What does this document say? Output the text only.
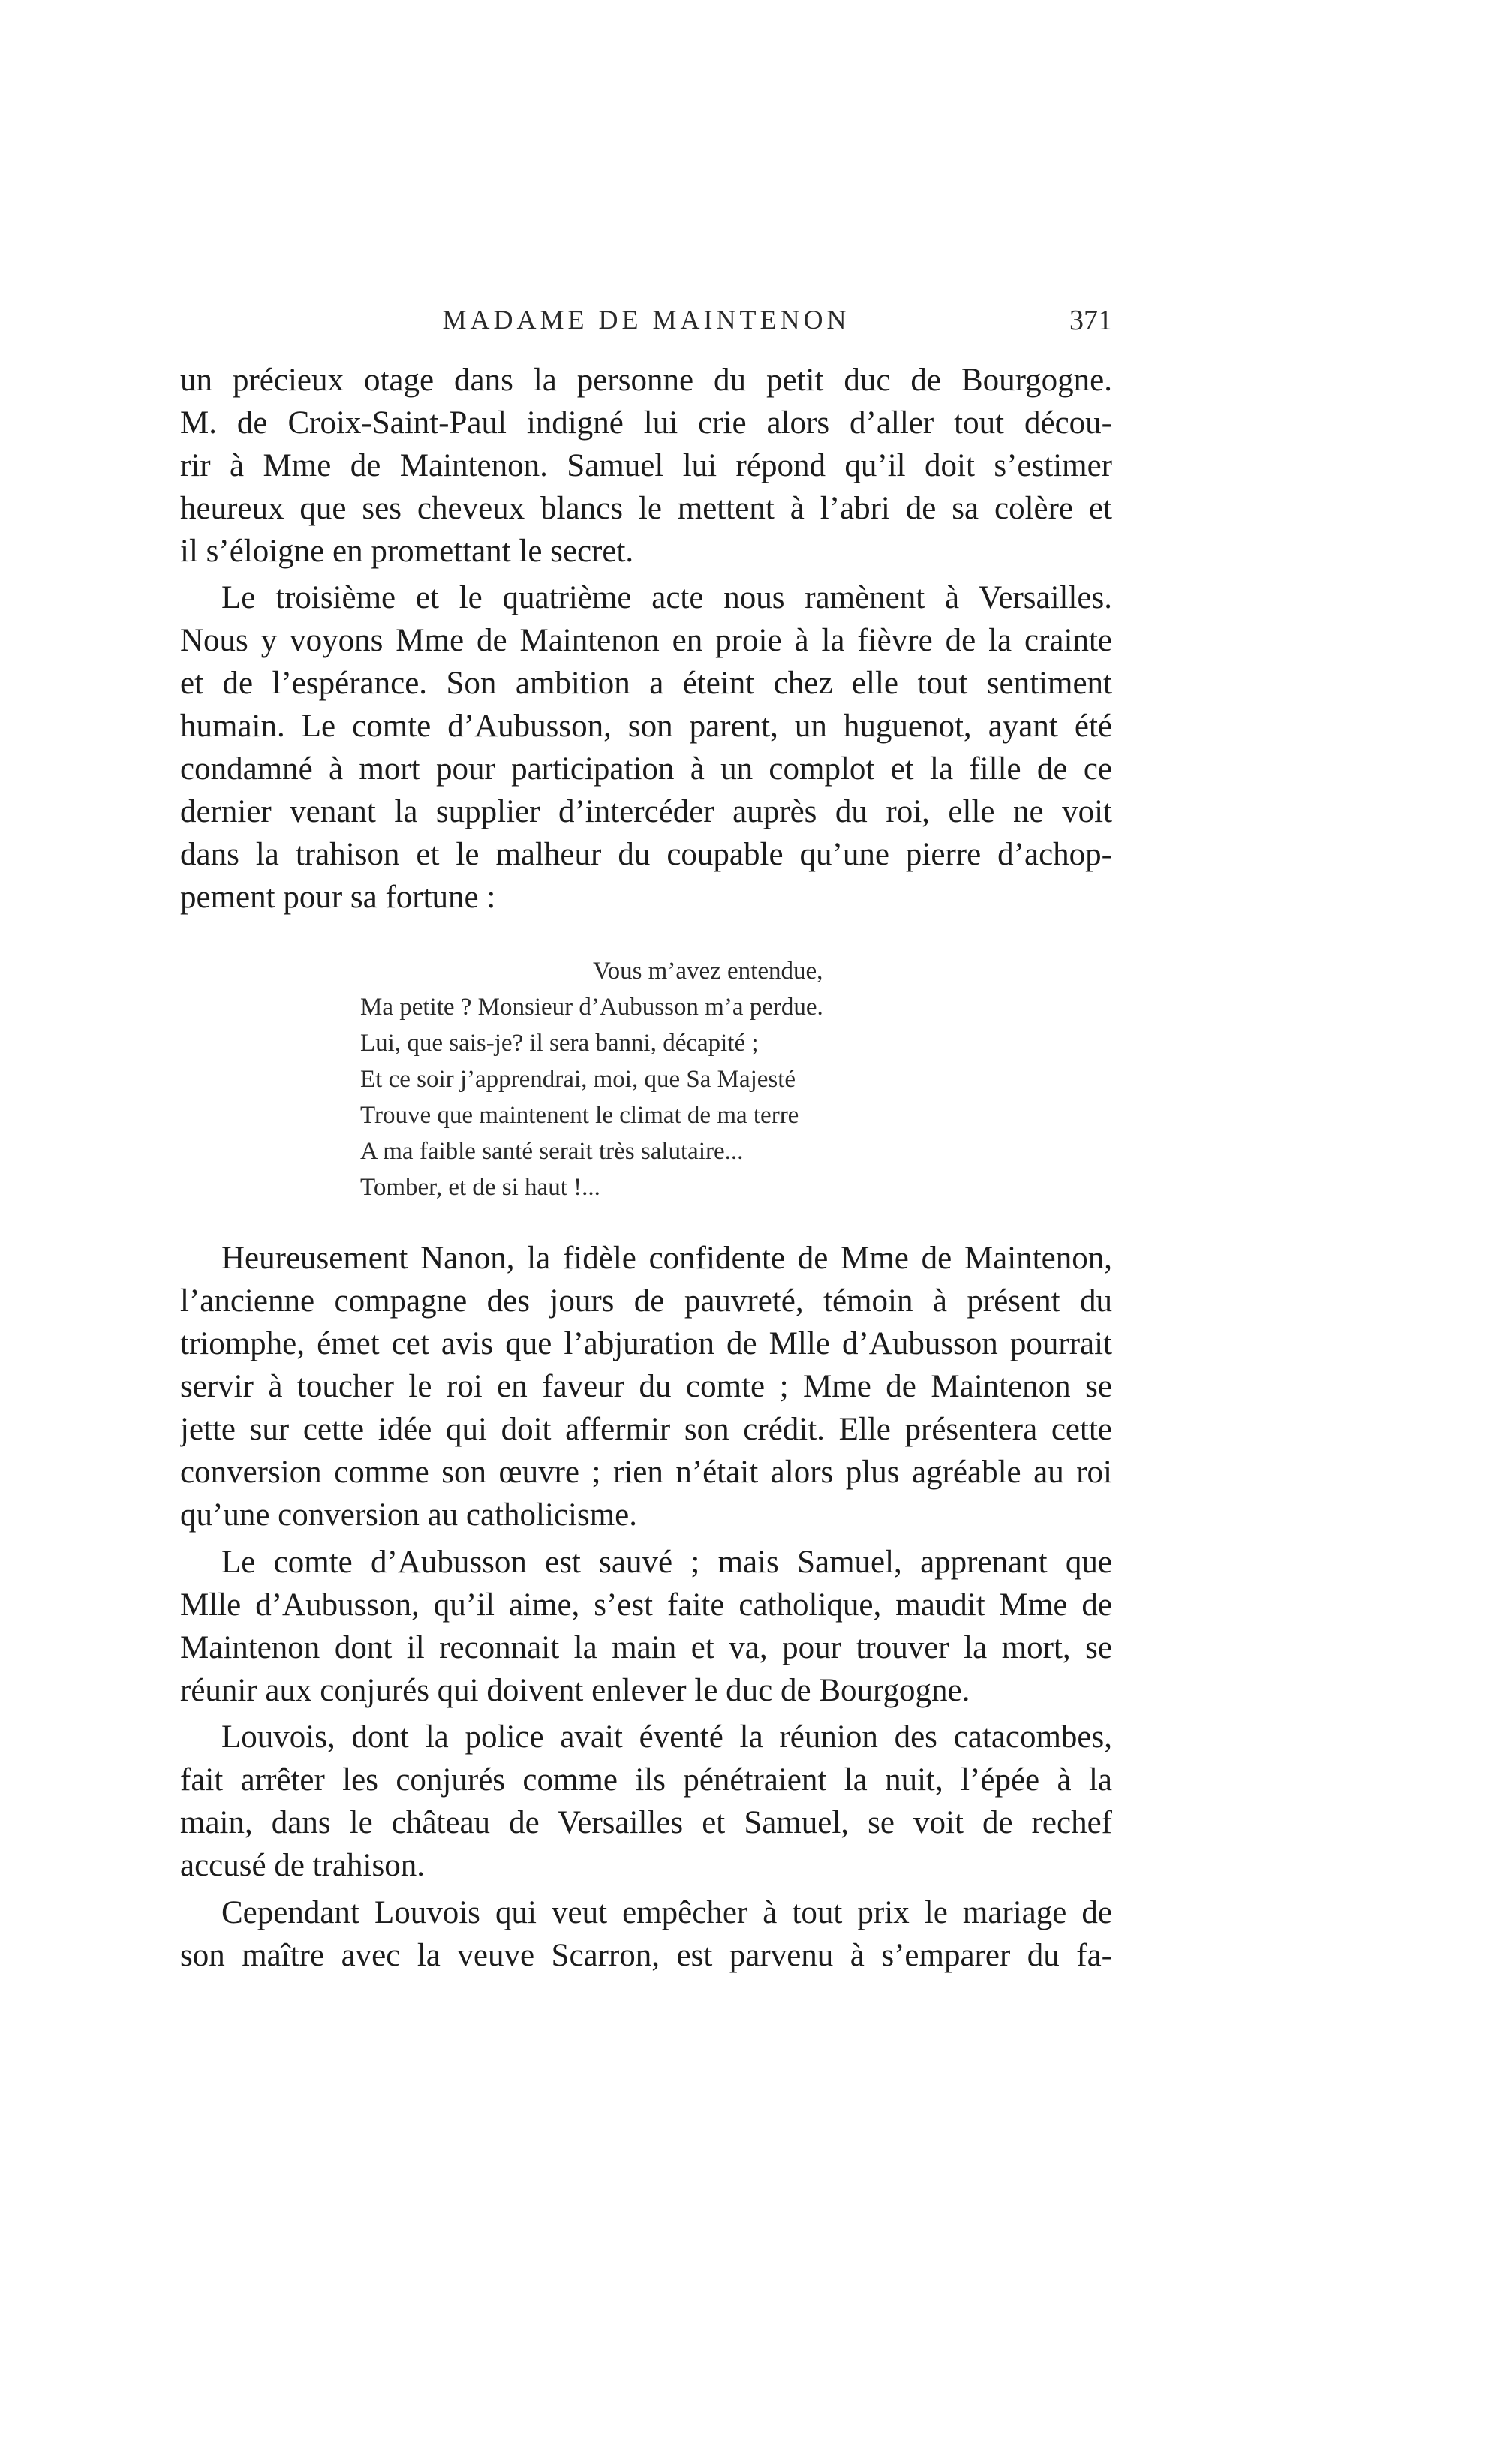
MADAME DE MAINTENON	371
un précieux otage dans la personne du petit duc de Bourgogne.
M. de Croix-Saint-Paul indigné lui crie alors d’aller tout décou-
rir à Mme de Maintenon. Samuel lui répond qu’il doit s’estimer
heureux que ses cheveux blancs le mettent à l’abri de sa colère et
il s’éloigne en promettant le secret.
Le troisième et le quatrième acte nous ramènent à Versailles.
Nous y voyons Mme de Maintenon en proie à la fièvre de la crainte
et de l’espérance. Son ambition a éteint chez elle tout sentiment
humain. Le comte d’Aubusson, son parent, un huguenot, ayant été
condamné à mort pour participation à un complot et la fille de ce
dernier venant la supplier d’intercéder auprès du roi, elle ne voit
dans la trahison et le malheur du coupable qu’une pierre d’achop-
pement pour sa fortune :
Vous m’avez entendue,
Ma petite ? Monsieur d’Aubusson m’a perdue.
Lui, que sais-je? il sera banni, décapité ;
Et ce soir j’apprendrai, moi, que Sa Majesté
Trouve que maintenent le climat de ma terre
A ma faible santé serait très salutaire...
Tomber, et de si haut !...
Heureusement Nanon, la fidèle confidente de Mme de Maintenon,
l’ancienne compagne des jours de pauvreté, témoin à présent du
triomphe, émet cet avis que l’abjuration de Mlle d’Aubusson pourrait
servir à toucher le roi en faveur du comte ; Mme de Maintenon se
jette sur cette idée qui doit affermir son crédit. Elle présentera cette
conversion comme son œuvre ; rien n’était alors plus agréable au roi
qu’une conversion au catholicisme.
Le comte d’Aubusson est sauvé ; mais Samuel, apprenant que
Mlle d’Aubusson, qu’il aime, s’est faite catholique, maudit Mme de
Maintenon dont il reconnait la main et va, pour trouver la mort, se
réunir aux conjurés qui doivent enlever le duc de Bourgogne.
Louvois, dont la police avait éventé la réunion des catacombes,
fait arrêter les conjurés comme ils pénétraient la nuit, l’épée à la
main, dans le château de Versailles et Samuel, se voit de rechef
accusé de trahison.
Cependant Louvois qui veut empêcher à tout prix le mariage de
son maître avec la veuve Scarron, est parvenu à s’emparer du fa-
